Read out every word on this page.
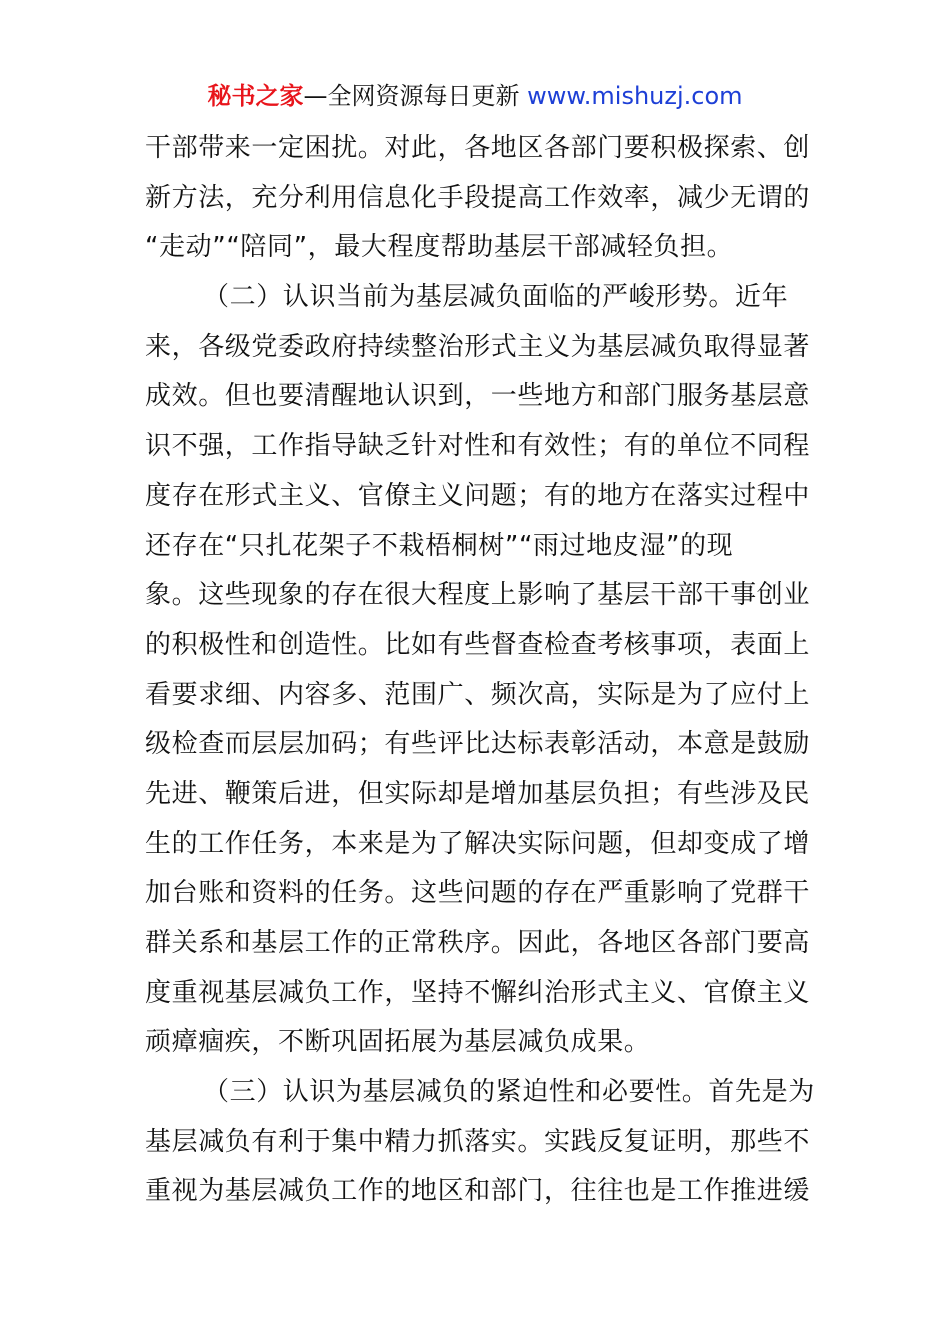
秘书之家—全网资源每日更新 www.mishuzj.com
干部带来一定困扰。对此，各地区各部门要积极探索、创
新方法，充分利用信息化手段提高工作效率，减少无谓的
“走动”“陪同”，最大程度帮助基层干部减轻负担。
（二）认识当前为基层减负面临的严峻形势。近年
来，各级党委政府持续整治形式主义为基层减负取得显著
成效。但也要清醒地认识到，一些地方和部门服务基层意
识不强，工作指导缺乏针对性和有效性；有的单位不同程
度存在形式主义、官僚主义问题；有的地方在落实过程中
还存在“只扎花架子不栽梧桐树”“雨过地皮湿”的现
象。这些现象的存在很大程度上影响了基层干部干事创业
的积极性和创造性。比如有些督查检查考核事项，表面上
看要求细、内容多、范围广、频次高，实际是为了应付上
级检查而层层加码；有些评比达标表彰活动，本意是鼓励
先进、鞭策后进，但实际却是增加基层负担；有些涉及民
生的工作任务，本来是为了解决实际问题，但却变成了增
加台账和资料的任务。这些问题的存在严重影响了党群干
群关系和基层工作的正常秩序。因此，各地区各部门要高
度重视基层减负工作，坚持不懈纠治形式主义、官僚主义
顽瘴痼疾，不断巩固拓展为基层减负成果。
（三）认识为基层减负的紧迫性和必要性。首先是为
基层减负有利于集中精力抓落实。实践反复证明，那些不
重视为基层减负工作的地区和部门，往往也是工作推进缓
